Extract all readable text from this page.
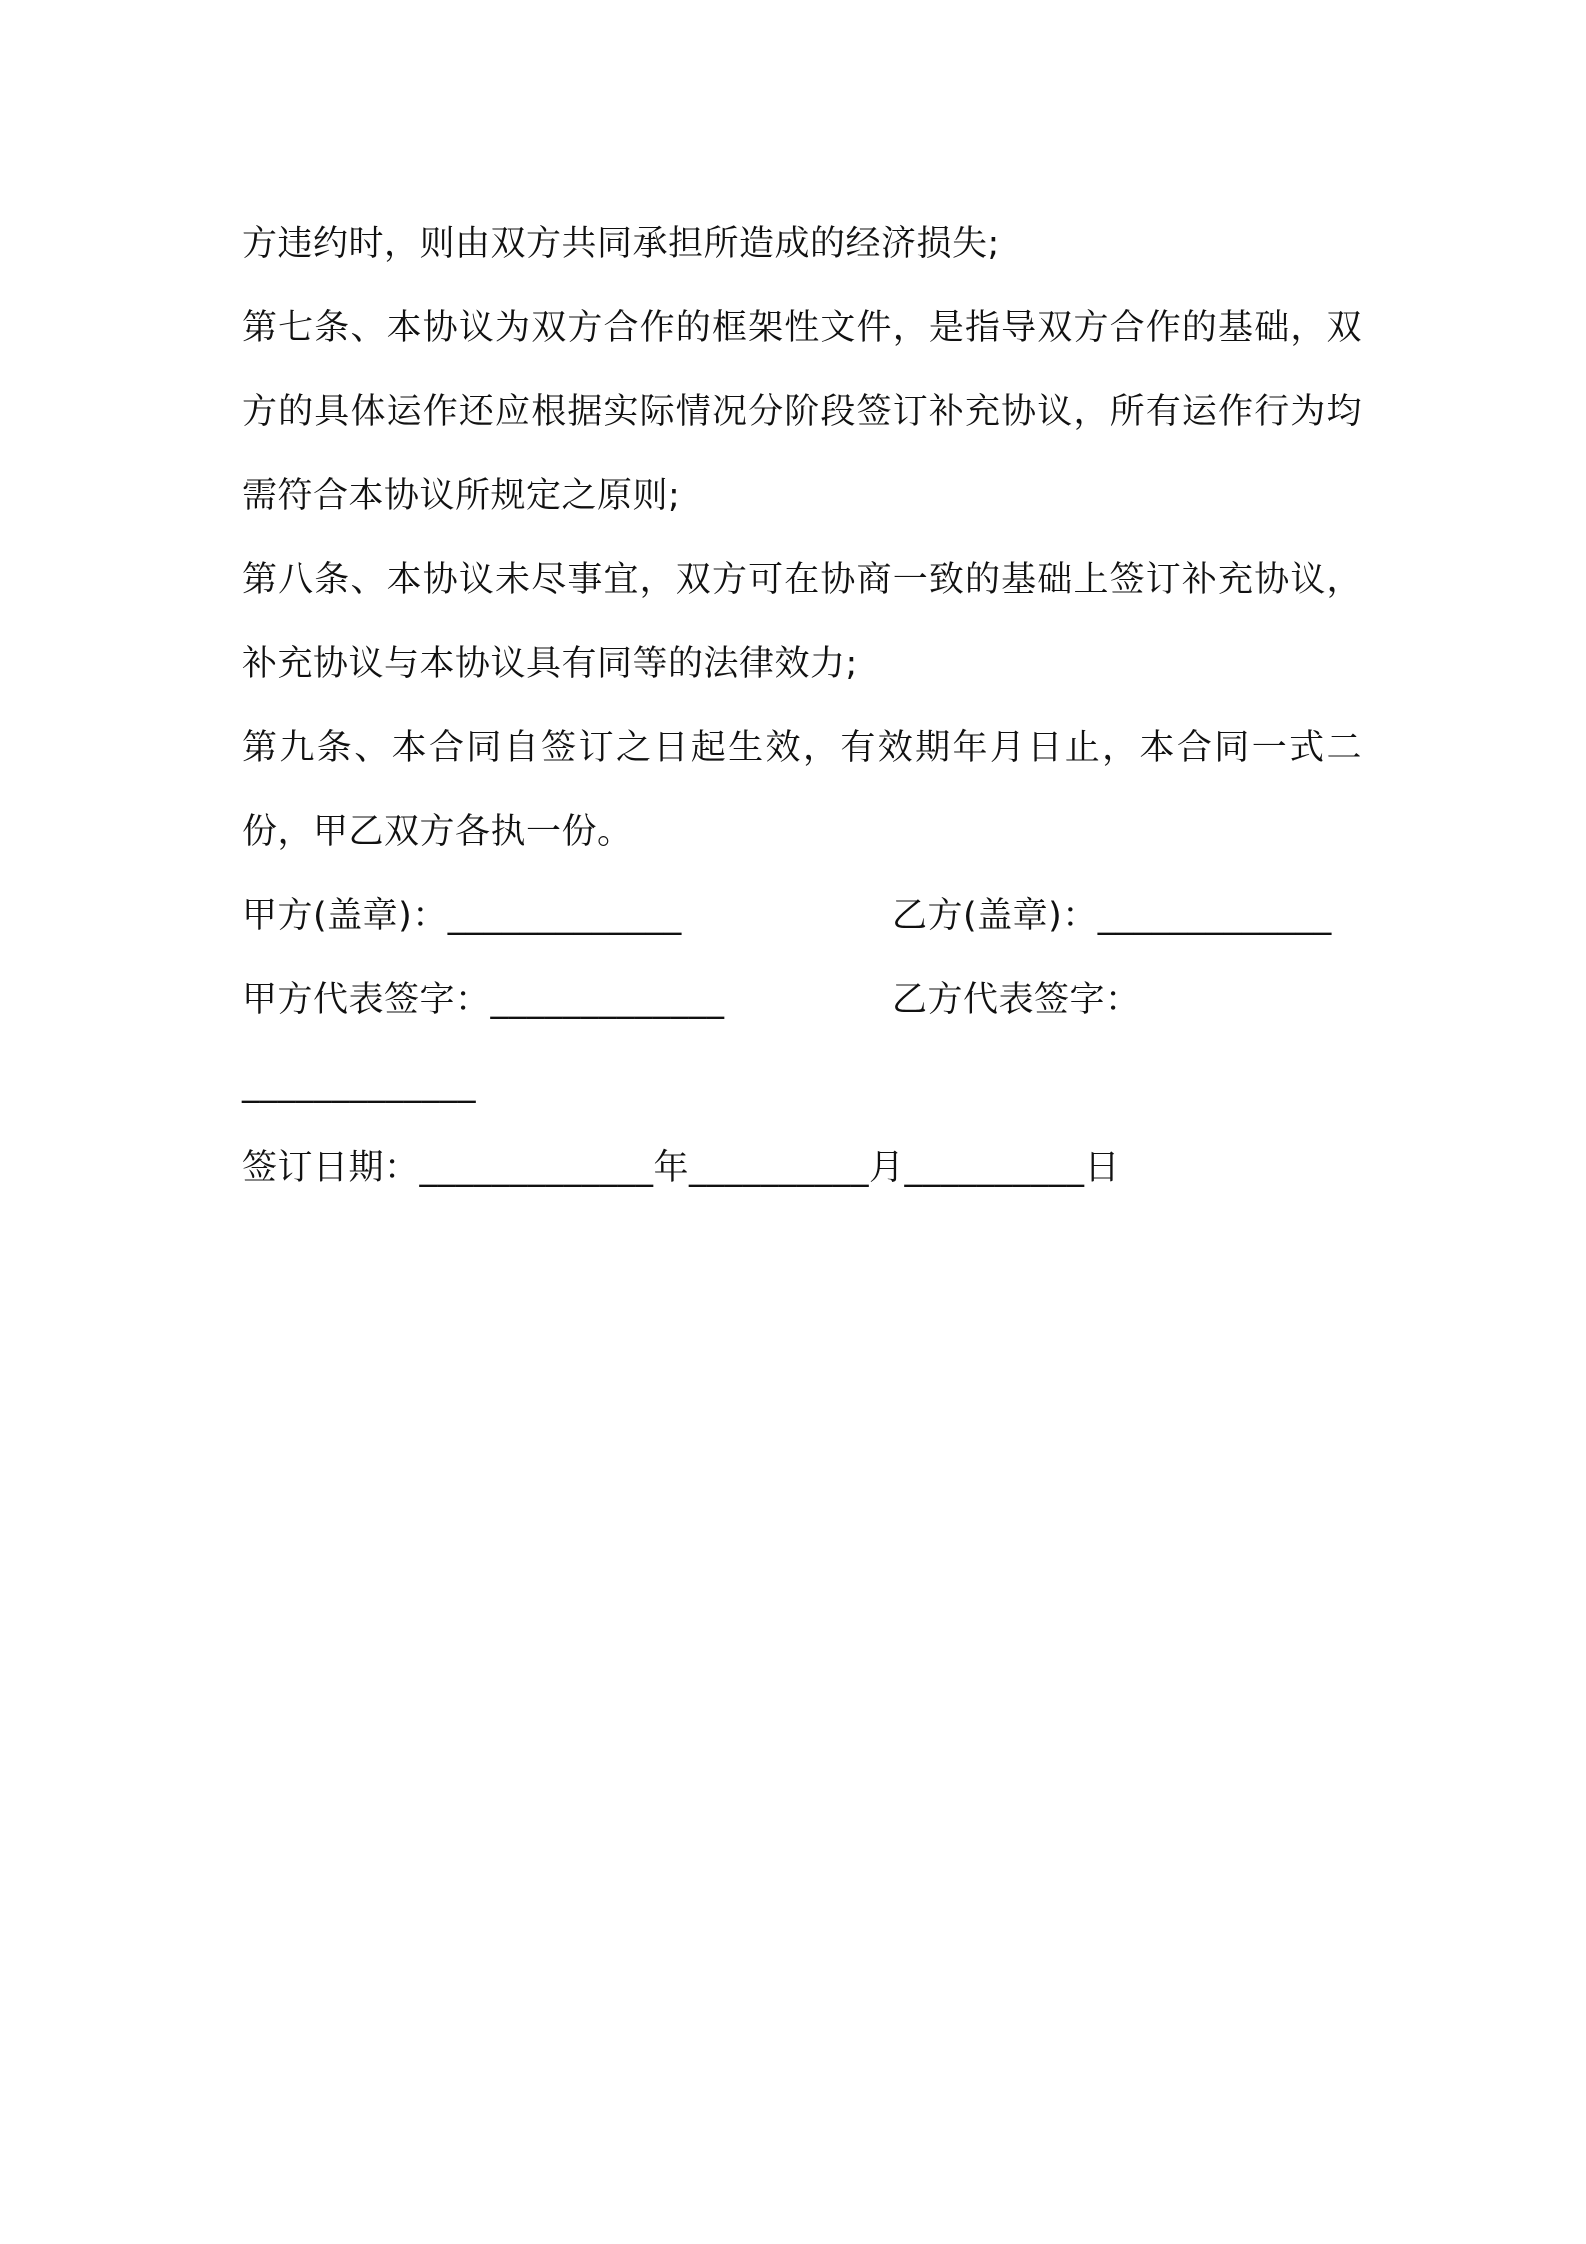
方违约时，则由双方共同承担所造成的经济损失;

第七条、本协议为双方合作的框架性文件，是指导双方合作的基础，双方的具体运作还应根据实际情况分阶段签订补充协议，所有运作行为均需符合本协议所规定之原则;

第八条、本协议未尽事宜，双方可在协商一致的基础上签订补充协议，补充协议与本协议具有同等的法律效力;

第九条、本合同自签订之日起生效，有效期年月日止，本合同一式二份，甲乙双方各执一份。

甲方(盖章)：_____________	乙方(盖章)：_____________
甲方代表签字：_____________	乙方代表签字：
_____________
签订日期：_____________年__________月__________日
